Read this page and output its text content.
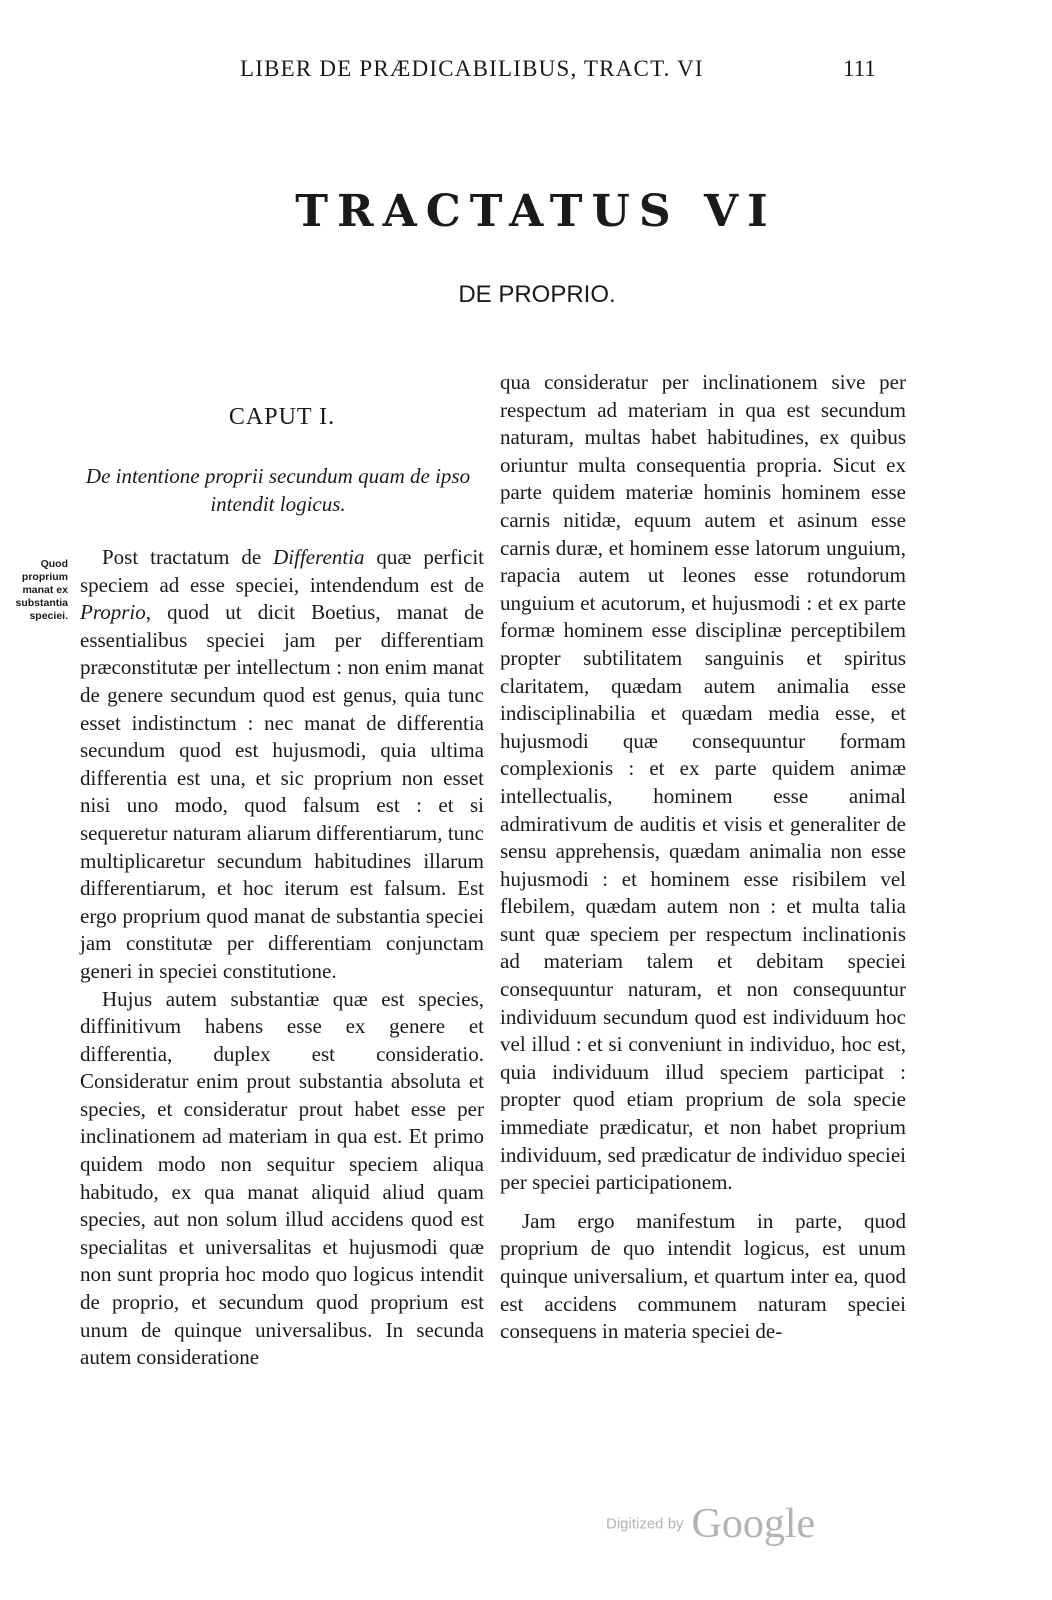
LIBER DE PRÆDICABILIBUS, TRACT. VI	111
TRACTATUS VI
DE PROPRIO.
CAPUT I.
De intentione proprii secundum quam de ipso intendit logicus.
Quod proprium manat ex substantia speciei.

Post tractatum de Differentia quæ perficit speciem ad esse speciei, intendendum est de Proprio, quod ut dicit Boetius, manat de essentialibus speciei jam per differentiam præconstitutæ per intellectum : non enim manat de genere secundum quod est genus, quia tunc esset indistinctum : nec manat de differentia secundum quod est hujusmodi, quia ultima differentia est una, et sic proprium non esset nisi uno modo, quod falsum est : et si sequeretur naturam aliarum differentiarum, tunc multiplicaretur secundum habitudines illarum differentiarum, et hoc iterum est falsum. Est ergo proprium quod manat de substantia speciei jam constitutæ per differentiam conjunctam generi in speciei constitutione.

Hujus autem substantiæ quæ est species, diffinitivum habens esse ex genere et differentia, duplex est consideratio. Consideratur enim prout substantia absoluta et species, et consideratur prout habet esse per inclinationem ad materiam in qua est. Et primo quidem modo non sequitur speciem aliqua habitudo, ex qua manat aliquid aliud quam species, aut non solum illud accidens quod est specialitas et universalitas et hujusmodi quæ non sunt propria hoc modo quo logicus intendit de proprio, et secundum quod proprium est unum de quinque universalibus. In secunda autem consideratione

qua consideratur per inclinationem sive per respectum ad materiam in qua est secundum naturam, multas habet habitudines, ex quibus oriuntur multa consequentia propria. Sicut ex parte quidem materiæ hominis hominem esse carnis nitidæ, equum autem et asinum esse carnis duræ, et hominem esse latorum unguium, rapacia autem ut leones esse rotundorum unguium et acutorum, et hujusmodi : et ex parte formæ hominem esse disciplinæ perceptibilem propter subtilitatem sanguinis et spiritus claritatem, quædam autem animalia esse indisciplinabilia et quædam media esse, et hujusmodi quæ consequuntur formam complexionis : et ex parte quidem animæ intellectualis, hominem esse animal admirativum de auditis et visis et generaliter de sensu apprehensis, quædam animalia non esse hujusmodi : et hominem esse risibilem vel flebilem, quædam autem non : et multa talia sunt quæ speciem per respectum inclinationis ad materiam talem et debitam speciei consequuntur naturam, et non consequuntur individuum secundum quod est individuum hoc vel illud : et si conveniunt in individuo, hoc est, quia individuum illud speciem participat : propter quod etiam proprium de sola specie immediate prædicatur, et non habet proprium individuum, sed prædicatur de individuo speciei per speciei participationem.

Jam ergo manifestum in parte, quod proprium de quo intendit logicus, est unum quinque universalium, et quartum inter ea, quod est accidens communem naturam speciei consequens in materia speciei de-

Digitized by Google
